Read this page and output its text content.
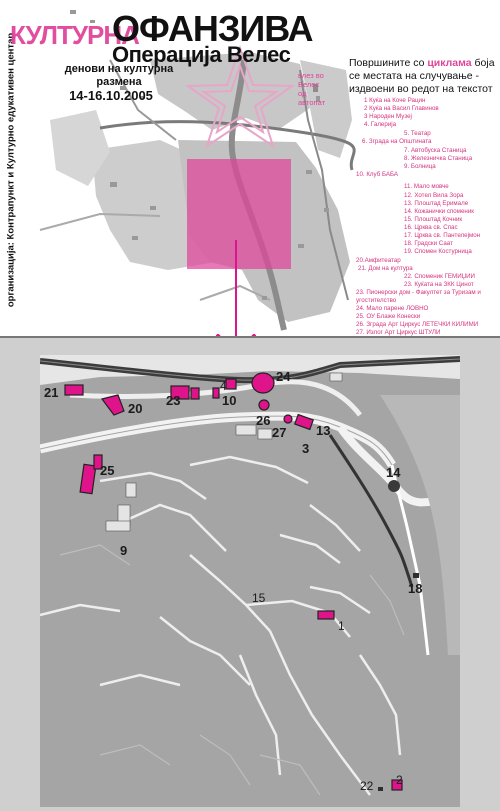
организација: Контрапункт и Културно едукативен центар
КУЛТУРНА
ОФАНЗИВА
Операција Велес
денови на културна размена
14-16.10.2005
влез во Велес
од автопат
Површините со циклама боја се местата на случување - издвоени во редот на текстот
1 Куќа на Коче Рацин
2 Куќа на Васил Главинов
3 Народен Музеј
4. Галерија
5. Театар
6. Зграда на Општината
7. Автобуска Станица
8. Железничка Станица
9. Болница
10. Клуб БАБА
11. Мало мовче
12. Хотел Вила Зора
13. Плоштад Еримале
14. Кожанички споменик
15. Плоштад Кочник
16. Црква св. Спас
17. Црква св. Пантелејмон
18. Градски Саат
19. Спомен Костурница
20.Амфитеатар
21. Дом на култура
22. Споменик ГЕМИЏИИ
23. Куќата на ЗКК Цинот
23. Пионерски дом - Факултет за Туризам и угостителство
24. Мало парене ЛОВНО
25. ОУ Блаже Конески
26. Зграда Арт Циркус ЛЕТЕЧКИ КИЛИМИ
27. Излог Арт Циркус ШТУЛИ
21
20
23
4
10
24
26
27 13
3
25
9
14
18
15
1
22 2
